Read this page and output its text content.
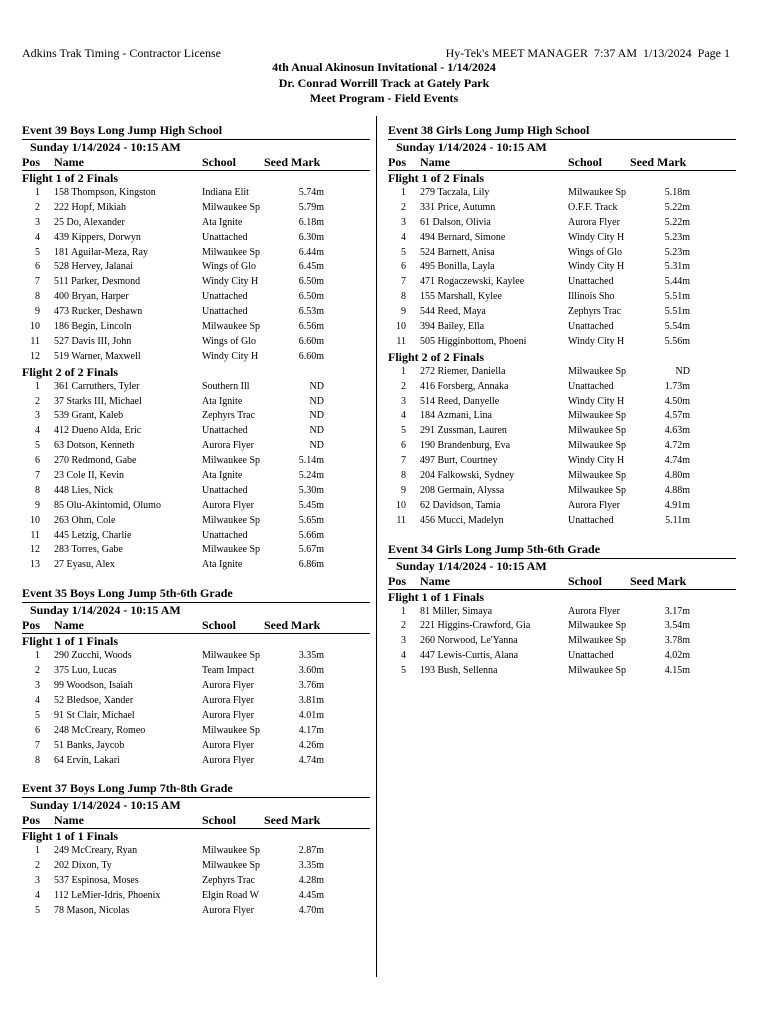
Adkins Trak Timing - Contractor License	Hy-Tek's MEET MANAGER  7:37 AM  1/13/2024  Page 1
4th Anual Akinosun Invitational - 1/14/2024
Dr. Conrad Worrill Track at Gately Park
Meet Program - Field Events
Event 39 Boys Long Jump High School
Sunday 1/14/2024 - 10:15 AM
Pos Name	School Seed Mark
Flight 1 of 2 Finals
1 158 Thompson, Kingston	Indiana Elit	5.74m
2 222 Hopf, Mikiah	Milwaukee Sp	5.79m
3 25 Do, Alexander	Ata Ignite	6.18m
4 439 Kippers, Dorwyn	Unattached	6.30m
5 181 Aguilar-Meza, Ray	Milwaukee Sp	6.44m
6 528 Hervey, Jalanai	Wings of Glo	6.45m
7 511 Parker, Desmond	Windy City H	6.50m
8 400 Bryan, Harper	Unattached	6.50m
9 473 Rucker, Deshawn	Unattached	6.53m
10 186 Begin, Lincoln	Milwaukee Sp	6.56m
11 527 Davis III, John	Wings of Glo	6.60m
12 519 Warner, Maxwell	Windy City H	6.60m
Flight 2 of 2 Finals
1 361 Carruthers, Tyler	Southern Ill	ND
2 37 Starks III, Michael	Ata Ignite	ND
3 539 Grant, Kaleb	Zephyrs Trac	ND
4 412 Dueno Alda, Eric	Unattached	ND
5 63 Dotson, Kenneth	Aurora Flyer	ND
6 270 Redmond, Gabe	Milwaukee Sp	5.14m
7 23 Cole II, Kevin	Ata Ignite	5.24m
8 448 Lies, Nick	Unattached	5.30m
9 85 Olu-Akintomid, Olumo	Aurora Flyer	5.45m
10 263 Ohm, Cole	Milwaukee Sp	5.65m
11 445 Letzig, Charlie	Unattached	5.66m
12 283 Torres, Gabe	Milwaukee Sp	5.67m
13 27 Eyasu, Alex	Ata Ignite	6.86m
Event 35 Boys Long Jump 5th-6th Grade
Sunday 1/14/2024 - 10:15 AM
Pos Name	School Seed Mark
Flight 1 of 1 Finals
1 290 Zucchi, Woods	Milwaukee Sp	3.35m
2 375 Luo, Lucas	Team Impact	3.60m
3 99 Woodson, Isaiah	Aurora Flyer	3.76m
4 52 Bledsoe, Xander	Aurora Flyer	3.81m
5 91 St Clair, Michael	Aurora Flyer	4.01m
6 248 McCreary, Romeo	Milwaukee Sp	4.17m
7 51 Banks, Jaycob	Aurora Flyer	4.26m
8 64 Ervin, Lakari	Aurora Flyer	4.74m
Event 37 Boys Long Jump 7th-8th Grade
Sunday 1/14/2024 - 10:15 AM
Pos Name	School Seed Mark
Flight 1 of 1 Finals
1 249 McCreary, Ryan	Milwaukee Sp	2.87m
2 202 Dixon, Ty	Milwaukee Sp	3.35m
3 537 Espinosa, Moses	Zephyrs Trac	4.28m
4 112 LeMier-Idris, Phoenix	Elgin Road W	4.45m
5 78 Mason, Nicolas	Aurora Flyer	4.70m
Event 38 Girls Long Jump High School
Sunday 1/14/2024 - 10:15 AM
Pos Name	School Seed Mark
Flight 1 of 2 Finals
1 279 Taczala, Lily	Milwaukee Sp	5.18m
2 331 Price, Autumn	O.F.F. Track	5.22m
3 61 Dalson, Olivia	Aurora Flyer	5.22m
4 494 Bernard, Simone	Windy City H	5.23m
5 524 Barnett, Anisa	Wings of Glo	5.23m
6 495 Bonilla, Layla	Windy City H	5.31m
7 471 Rogaczewski, Kaylee	Unattached	5.44m
8 155 Marshall, Kylee	Illinois Sho	5.51m
9 544 Reed, Maya	Zephyrs Trac	5.51m
10 394 Bailey, Ella	Unattached	5.54m
11 505 Higginbottom, Phoeni	Windy City H	5.56m
Flight 2 of 2 Finals
1 272 Riemer, Daniella	Milwaukee Sp	ND
2 416 Forsberg, Annaka	Unattached	1.73m
3 514 Reed, Danyelle	Windy City H	4.50m
4 184 Azmani, Lina	Milwaukee Sp	4.57m
5 291 Zussman, Lauren	Milwaukee Sp	4.63m
6 190 Brandenburg, Eva	Milwaukee Sp	4.72m
7 497 Burt, Courtney	Windy City H	4.74m
8 204 Falkowski, Sydney	Milwaukee Sp	4.80m
9 208 Germain, Alyssa	Milwaukee Sp	4.88m
10 62 Davidson, Tamia	Aurora Flyer	4.91m
11 456 Mucci, Madelyn	Unattached	5.11m
Event 34 Girls Long Jump 5th-6th Grade
Sunday 1/14/2024 - 10:15 AM
Pos Name	School Seed Mark
Flight 1 of 1 Finals
1 81 Miller, Simaya	Aurora Flyer	3.17m
2 221 Higgins-Crawford, Gia	Milwaukee Sp	3.54m
3 260 Norwood, Le'Yanna	Milwaukee Sp	3.78m
4 447 Lewis-Curtis, Alana	Unattached	4.02m
5 193 Bush, Sellenna	Milwaukee Sp	4.15m
